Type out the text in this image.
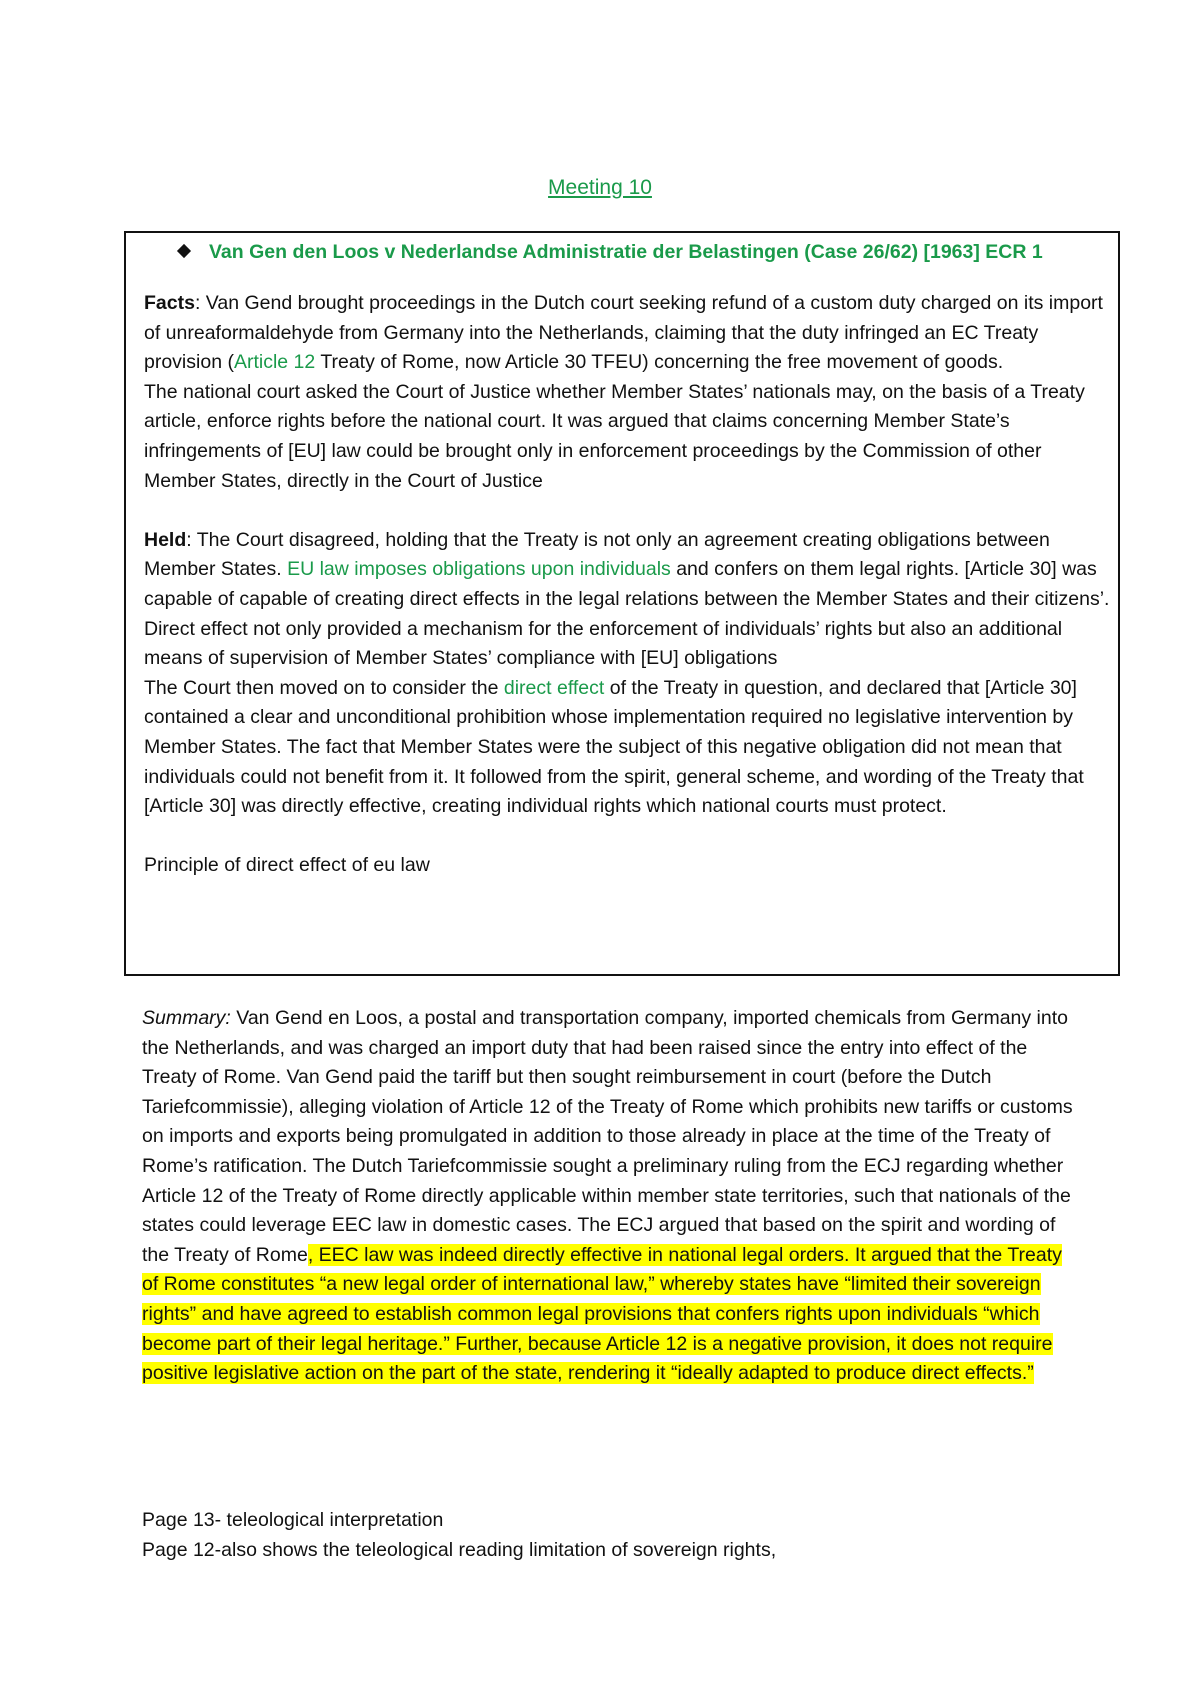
Meeting 10
Van Gen den Loos v Nederlandse Administratie der Belastingen (Case 26/62) [1963] ECR 1

Facts: Van Gend brought proceedings in the Dutch court seeking refund of a custom duty charged on its import of unreaformaldehyde from Germany into the Netherlands, claiming that the duty infringed an EC Treaty provision (Article 12 Treaty of Rome, now Article 30 TFEU) concerning the free movement of goods.

The national court asked the Court of Justice whether Member States’ nationals may, on the basis of a Treaty article, enforce rights before the national court. It was argued that claims concerning Member State’s infringements of [EU] law could be brought only in enforcement proceedings by the Commission of other Member States, directly in the Court of Justice

Held: The Court disagreed, holding that the Treaty is not only an agreement creating obligations between Member States. EU law imposes obligations upon individuals and confers on them legal rights. [Article 30] was capable of capable of creating direct effects in the legal relations between the Member States and their citizens’. Direct effect not only provided a mechanism for the enforcement of individuals’ rights but also an additional means of supervision of Member States’ compliance with [EU] obligations

The Court then moved on to consider the direct effect of the Treaty in question, and declared that [Article 30] contained a clear and unconditional prohibition whose implementation required no legislative intervention by Member States. The fact that Member States were the subject of this negative obligation did not mean that individuals could not benefit from it. It followed from the spirit, general scheme, and wording of the Treaty that [Article 30] was directly effective, creating individual rights which national courts must protect.

Principle of direct effect of eu law

Summary: Van Gend en Loos, a postal and transportation company, imported chemicals from Germany into the Netherlands, and was charged an import duty that had been raised since the entry into effect of the Treaty of Rome. Van Gend paid the tariff but then sought reimbursement in court (before the Dutch Tariefcommissie), alleging violation of Article 12 of the Treaty of Rome which prohibits new tariffs or customs on imports and exports being promulgated in addition to those already in place at the time of the Treaty of Rome’s ratification. The Dutch Tariefcommissie sought a preliminary ruling from the ECJ regarding whether Article 12 of the Treaty of Rome directly applicable within member state territories, such that nationals of the states could leverage EEC law in domestic cases. The ECJ argued that based on the spirit and wording of the Treaty of Rome, EEC law was indeed directly effective in national legal orders. It argued that the Treaty of Rome constitutes “a new legal order of international law,” whereby states have “limited their sovereign rights” and have agreed to establish common legal provisions that confers rights upon individuals “which become part of their legal heritage.” Further, because Article 12 is a negative provision, it does not require positive legislative action on the part of the state, rendering it “ideally adapted to produce direct effects.”

Page 13- teleological interpretation

Page 12-also shows the teleological reading limitation of sovereign rights,
